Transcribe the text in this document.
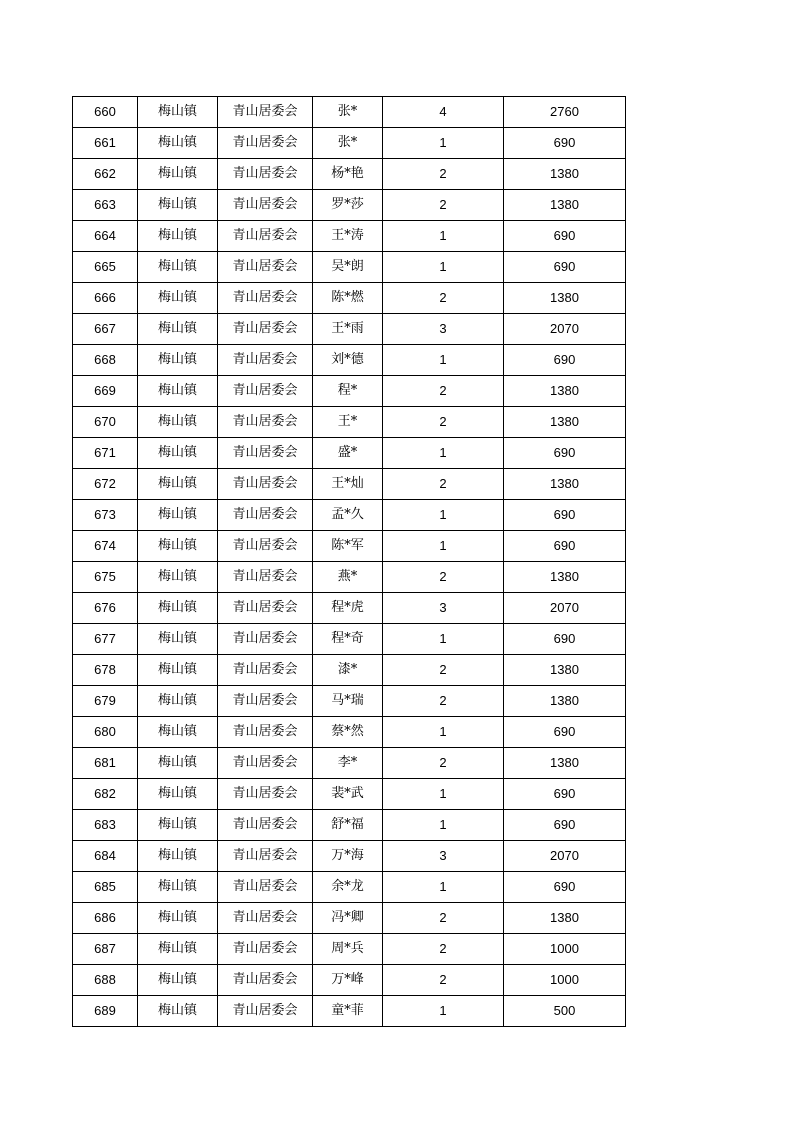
660	梅山镇	青山居委会	张*	4	2760
661	梅山镇	青山居委会	张*	1	690
662	梅山镇	青山居委会	杨*艳	2	1380
663	梅山镇	青山居委会	罗*莎	2	1380
664	梅山镇	青山居委会	王*涛	1	690
665	梅山镇	青山居委会	吴*朗	1	690
666	梅山镇	青山居委会	陈*燃	2	1380
667	梅山镇	青山居委会	王*雨	3	2070
668	梅山镇	青山居委会	刘*德	1	690
669	梅山镇	青山居委会	程*	2	1380
670	梅山镇	青山居委会	王*	2	1380
671	梅山镇	青山居委会	盛*	1	690
672	梅山镇	青山居委会	王*灿	2	1380
673	梅山镇	青山居委会	孟*久	1	690
674	梅山镇	青山居委会	陈*军	1	690
675	梅山镇	青山居委会	燕*	2	1380
676	梅山镇	青山居委会	程*虎	3	2070
677	梅山镇	青山居委会	程*奇	1	690
678	梅山镇	青山居委会	漆*	2	1380
679	梅山镇	青山居委会	马*瑞	2	1380
680	梅山镇	青山居委会	蔡*然	1	690
681	梅山镇	青山居委会	李*	2	1380
682	梅山镇	青山居委会	裴*武	1	690
683	梅山镇	青山居委会	舒*福	1	690
684	梅山镇	青山居委会	万*海	3	2070
685	梅山镇	青山居委会	余*龙	1	690
686	梅山镇	青山居委会	冯*卿	2	1380
687	梅山镇	青山居委会	周*兵	2	1000
688	梅山镇	青山居委会	万*峰	2	1000
689	梅山镇	青山居委会	童*菲	1	500
